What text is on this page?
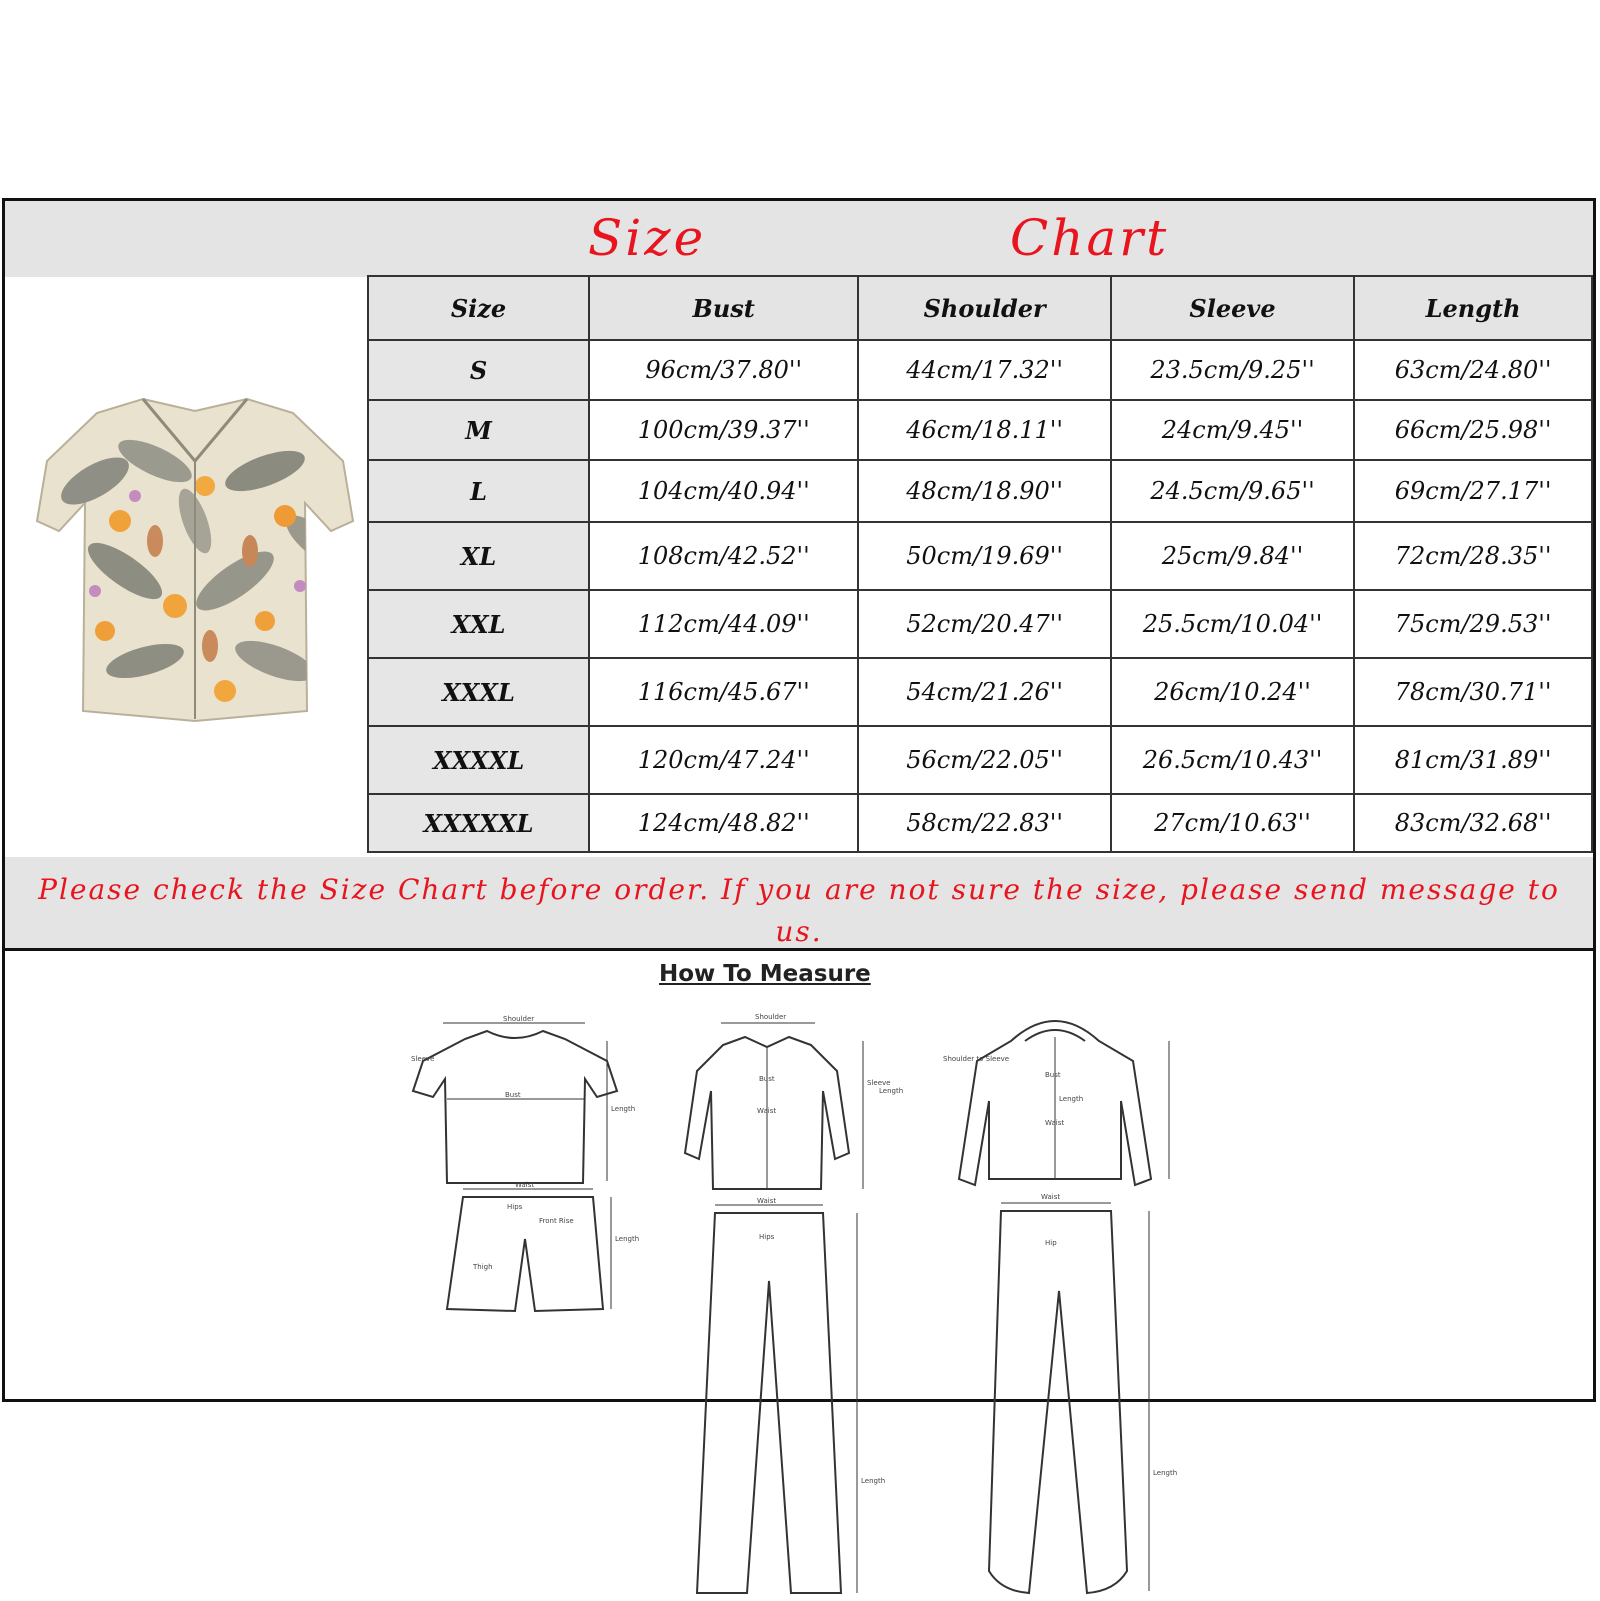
Size	Chart
Size	Bust	Shoulder	Sleeve	Length
S	96cm/37.80''	44cm/17.32''	23.5cm/9.25''	63cm/24.80''
M	100cm/39.37''	46cm/18.11''	24cm/9.45''	66cm/25.98''
L	104cm/40.94''	48cm/18.90''	24.5cm/9.65''	69cm/27.17''
XL	108cm/42.52''	50cm/19.69''	25cm/9.84''	72cm/28.35''
XXL	112cm/44.09''	52cm/20.47''	25.5cm/10.04''	75cm/29.53''
XXXL	116cm/45.67''	54cm/21.26''	26cm/10.24''	78cm/30.71''
XXXXL	120cm/47.24''	56cm/22.05''	26.5cm/10.43''	81cm/31.89''
XXXXXL	124cm/48.82''	58cm/22.83''	27cm/10.63''	83cm/32.68''
Please check the Size Chart before order. If you are not sure the size, please send message to us.
How To Measure
Shoulder
Sleeve
Bust
Length
Waist
Hips
Front Rise
Thigh
Length
Shoulder
Bust
Waist
Sleeve
Length
Waist
Hips
Length
Shoulder to Sleeve
Bust
Length
Waist
Waist
Hip
Length
